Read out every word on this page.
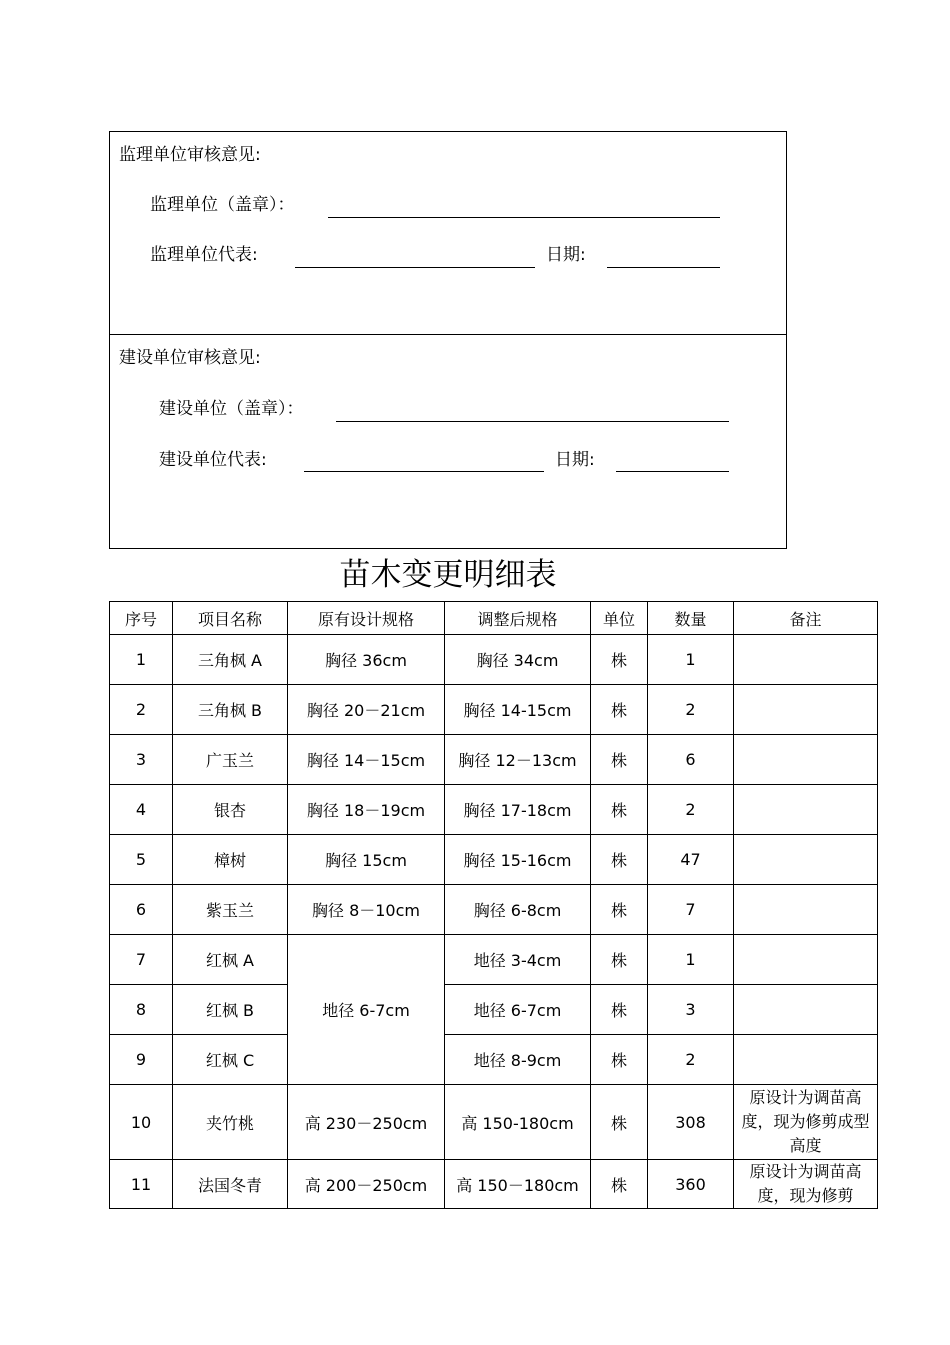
监理单位审核意见:
监理单位（盖章）：
监理单位代表:	日期:
建设单位审核意见:
建设单位（盖章）：
建设单位代表:	日期:
苗木变更明细表
序号	项目名称	原有设计规格	调整后规格	单位	数量	备注
1	三角枫 A	胸径 36cm	胸径 34cm	株	1	
2	三角枫 B	胸径 20－21cm	胸径 14-15cm	株	2	
3	广玉兰	胸径 14－15cm	胸径 12－13cm	株	6	
4	银杏	胸径 18－19cm	胸径 17-18cm	株	2	
5	樟树	胸径 15cm	胸径 15-16cm	株	47	
6	紫玉兰	胸径 8－10cm	胸径 6-8cm	株	7	
7	红枫 A	地径 6-7cm	地径 3-4cm	株	1	
8	红枫 B		地径 6-7cm	株	3	
9	红枫 C		地径 8-9cm	株	2	
10	夹竹桃	高 230－250cm	高 150-180cm	株	308	原设计为调苗高度，现为修剪成型高度

11	法国冬青	高 200－250cm	高 150－180cm	株	360	原设计为调苗高度，现为修剪
